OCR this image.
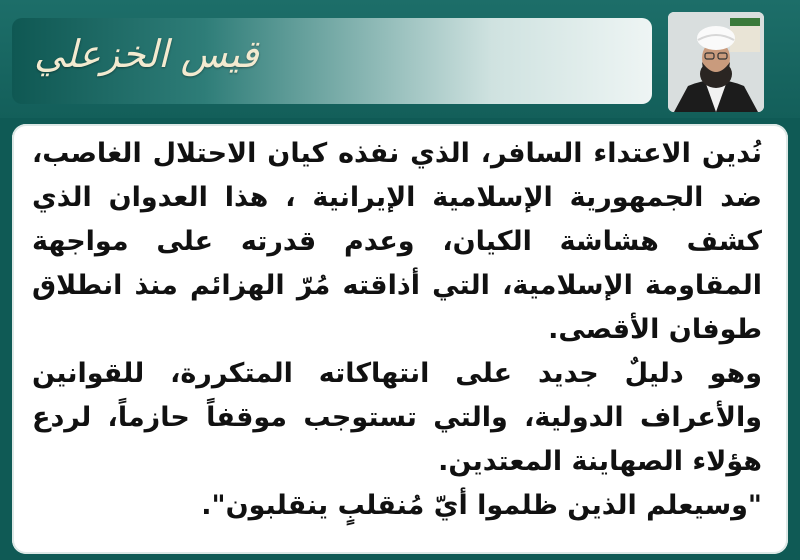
قيس الخزعلي

نُدين الاعتداء السافر، الذي نفذه كيان الاحتلال الغاصب، ضد الجمهورية الإسلامية الإيرانية ، هذا العدوان الذي كشف هشاشة الكيان، وعدم قدرته على مواجهة المقاومة الإسلامية، التي أذاقته مُرّ الهزائم منذ انطلاق طوفان الأقصى.
وهو دليلٌ جديد على انتهاكاته المتكررة، للقوانين والأعراف الدولية، والتي تستوجب موقفاً حازماً، لردع هؤلاء الصهاينة المعتدين.
"وسيعلم الذين ظلموا أيّ مُنقلبٍ ينقلبون".
